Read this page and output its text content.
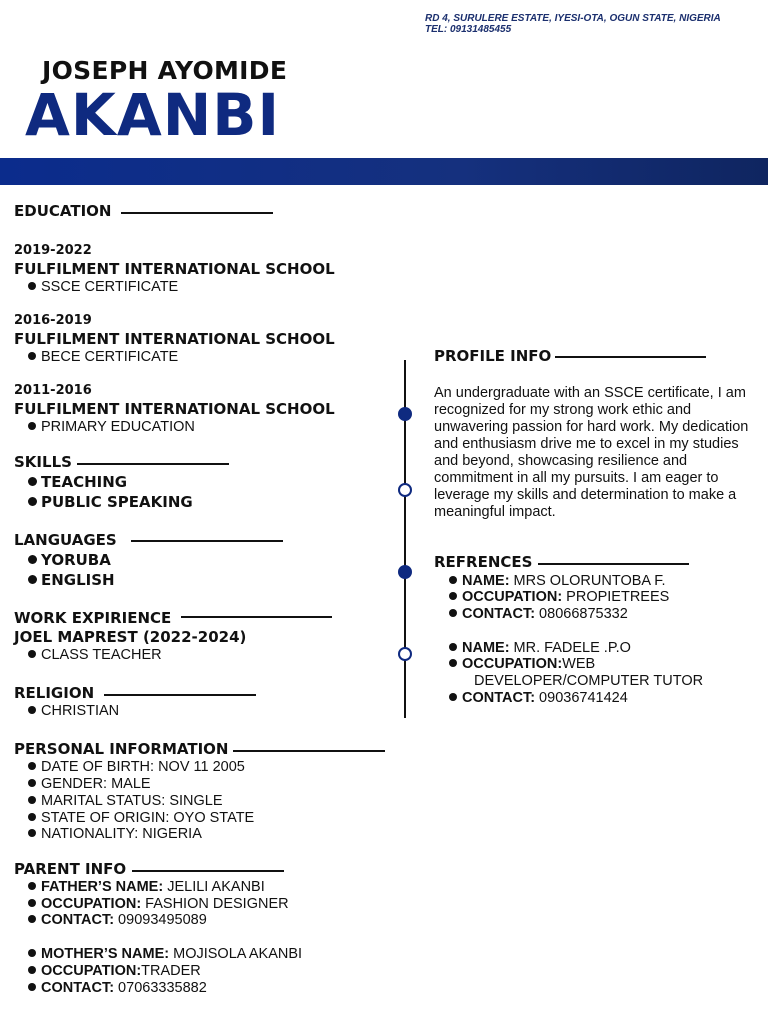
RD 4, SURULERE ESTATE, IYESI-OTA, OGUN STATE, NIGERIA
TEL: 09131485455
JOSEPH AYOMIDE
AKANBI
EDUCATION
2019-2022
FULFILMENT INTERNATIONAL SCHOOL
SSCE CERTIFICATE
2016-2019
FULFILMENT INTERNATIONAL SCHOOL
BECE CERTIFICATE
2011-2016
FULFILMENT INTERNATIONAL SCHOOL
PRIMARY EDUCATION
SKILLS
TEACHING
PUBLIC SPEAKING
LANGUAGES
YORUBA
ENGLISH
WORK EXPIRIENCE
JOEL MAPREST (2022-2024)
CLASS TEACHER
RELIGION
CHRISTIAN
PERSONAL INFORMATION
DATE OF BIRTH: NOV 11 2005
GENDER: MALE
MARITAL STATUS: SINGLE
STATE OF ORIGIN: OYO STATE
NATIONALITY: NIGERIA
PARENT INFO
FATHER’S NAME: JELILI AKANBI
OCCUPATION: FASHION DESIGNER
CONTACT: 09093495089
MOTHER’S NAME: MOJISOLA AKANBI
OCCUPATION:TRADER
CONTACT: 07063335882
PROFILE INFO
An undergraduate with an SSCE certificate, I am recognized for my strong work ethic and unwavering passion for hard work. My dedication and enthusiasm drive me to excel in my studies and beyond, showcasing resilience and commitment in all my pursuits. I am eager to leverage my skills and determination to make a meaningful impact.
REFRENCES
NAME: MRS OLORUNTOBA F.
OCCUPATION: PROPIETREES
CONTACT: 08066875332
NAME: MR. FADELE .P.O
OCCUPATION:WEB
DEVELOPER/COMPUTER TUTOR
CONTACT: 09036741424
